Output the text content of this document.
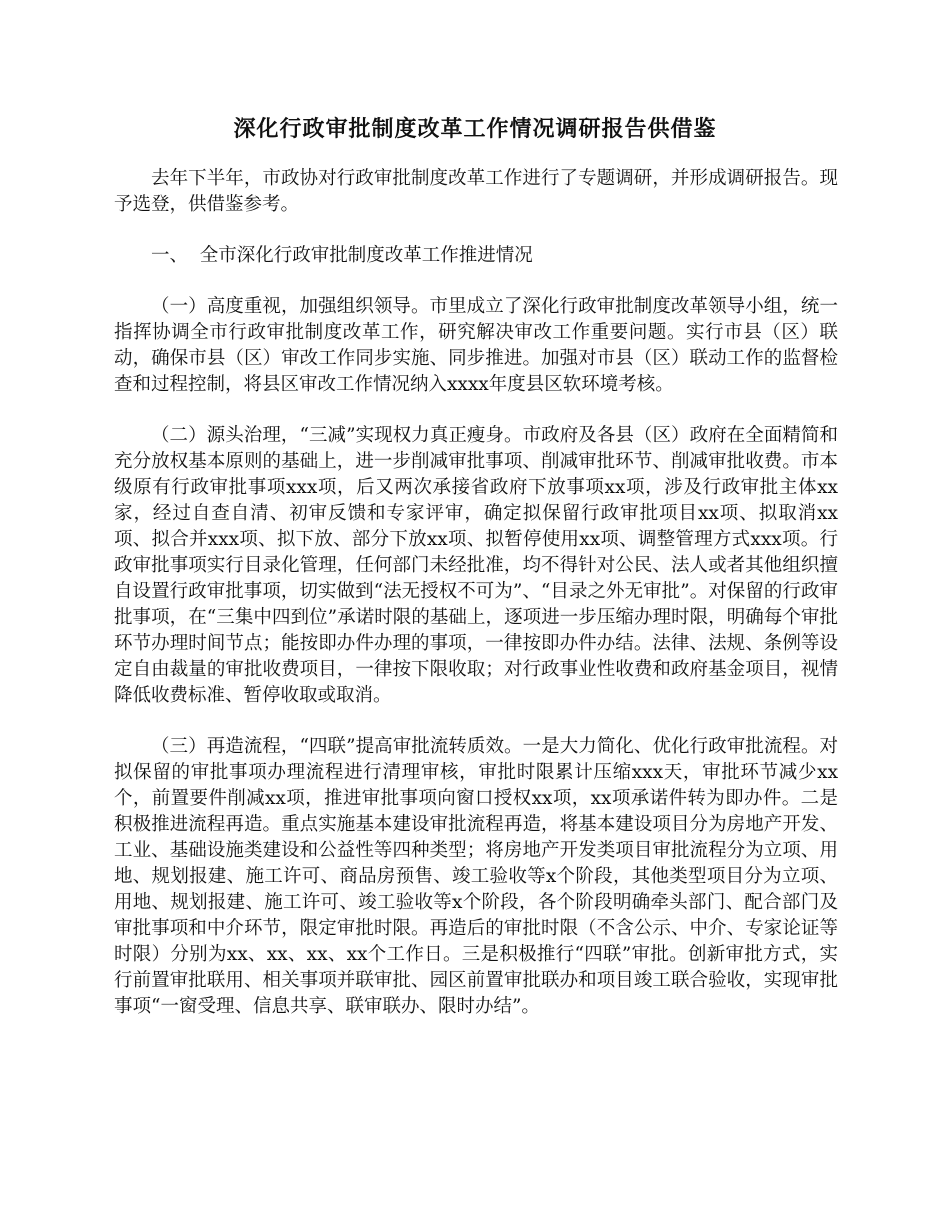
深化行政审批制度改革工作情况调研报告供借鉴

去年下半年，市政协对行政审批制度改革工作进行了专题调研，并形成调研报告。现予选登，供借鉴参考。

一、  全市深化行政审批制度改革工作推进情况

（一）高度重视，加强组织领导。市里成立了深化行政审批制度改革领导小组，统一指挥协调全市行政审批制度改革工作，研究解决审改工作重要问题。实行市县（区）联动，确保市县（区）审改工作同步实施、同步推进。加强对市县（区）联动工作的监督检查和过程控制，将县区审改工作情况纳入xxxx年度县区软环境考核。

（二）源头治理，“三减”实现权力真正瘦身。市政府及各县（区）政府在全面精简和充分放权基本原则的基础上，进一步削减审批事项、削减审批环节、削减审批收费。市本级原有行政审批事项xxx项，后又两次承接省政府下放事项xx项，涉及行政审批主体xx家，经过自查自清、初审反馈和专家评审，确定拟保留行政审批项目xx项、拟取消xx项、拟合并xxx项、拟下放、部分下放xx项、拟暂停使用xx项、调整管理方式xxx项。行政审批事项实行目录化管理，任何部门未经批准，均不得针对公民、法人或者其他组织擅自设置行政审批事项，切实做到“法无授权不可为”、“目录之外无审批”。对保留的行政审批事项，在“三集中四到位”承诺时限的基础上，逐项进一步压缩办理时限，明确每个审批环节办理时间节点；能按即办件办理的事项，一律按即办件办结。法律、法规、条例等设定自由裁量的审批收费项目，一律按下限收取；对行政事业性收费和政府基金项目，视情降低收费标准、暂停收取或取消。

（三）再造流程，“四联”提高审批流转质效。一是大力简化、优化行政审批流程。对拟保留的审批事项办理流程进行清理审核，审批时限累计压缩xxx天，审批环节减少xx个，前置要件削减xx项，推进审批事项向窗口授权xx项，xx项承诺件转为即办件。二是积极推进流程再造。重点实施基本建设审批流程再造，将基本建设项目分为房地产开发、工业、基础设施类建设和公益性等四种类型；将房地产开发类项目审批流程分为立项、用地、规划报建、施工许可、商品房预售、竣工验收等x个阶段，其他类型项目分为立项、用地、规划报建、施工许可、竣工验收等x个阶段，各个阶段明确牵头部门、配合部门及审批事项和中介环节，限定审批时限。再造后的审批时限（不含公示、中介、专家论证等时限）分别为xx、xx、xx、xx个工作日。三是积极推行“四联”审批。创新审批方式，实行前置审批联用、相关事项并联审批、园区前置审批联办和项目竣工联合验收，实现审批事项“一窗受理、信息共享、联审联办、限时办结”。
